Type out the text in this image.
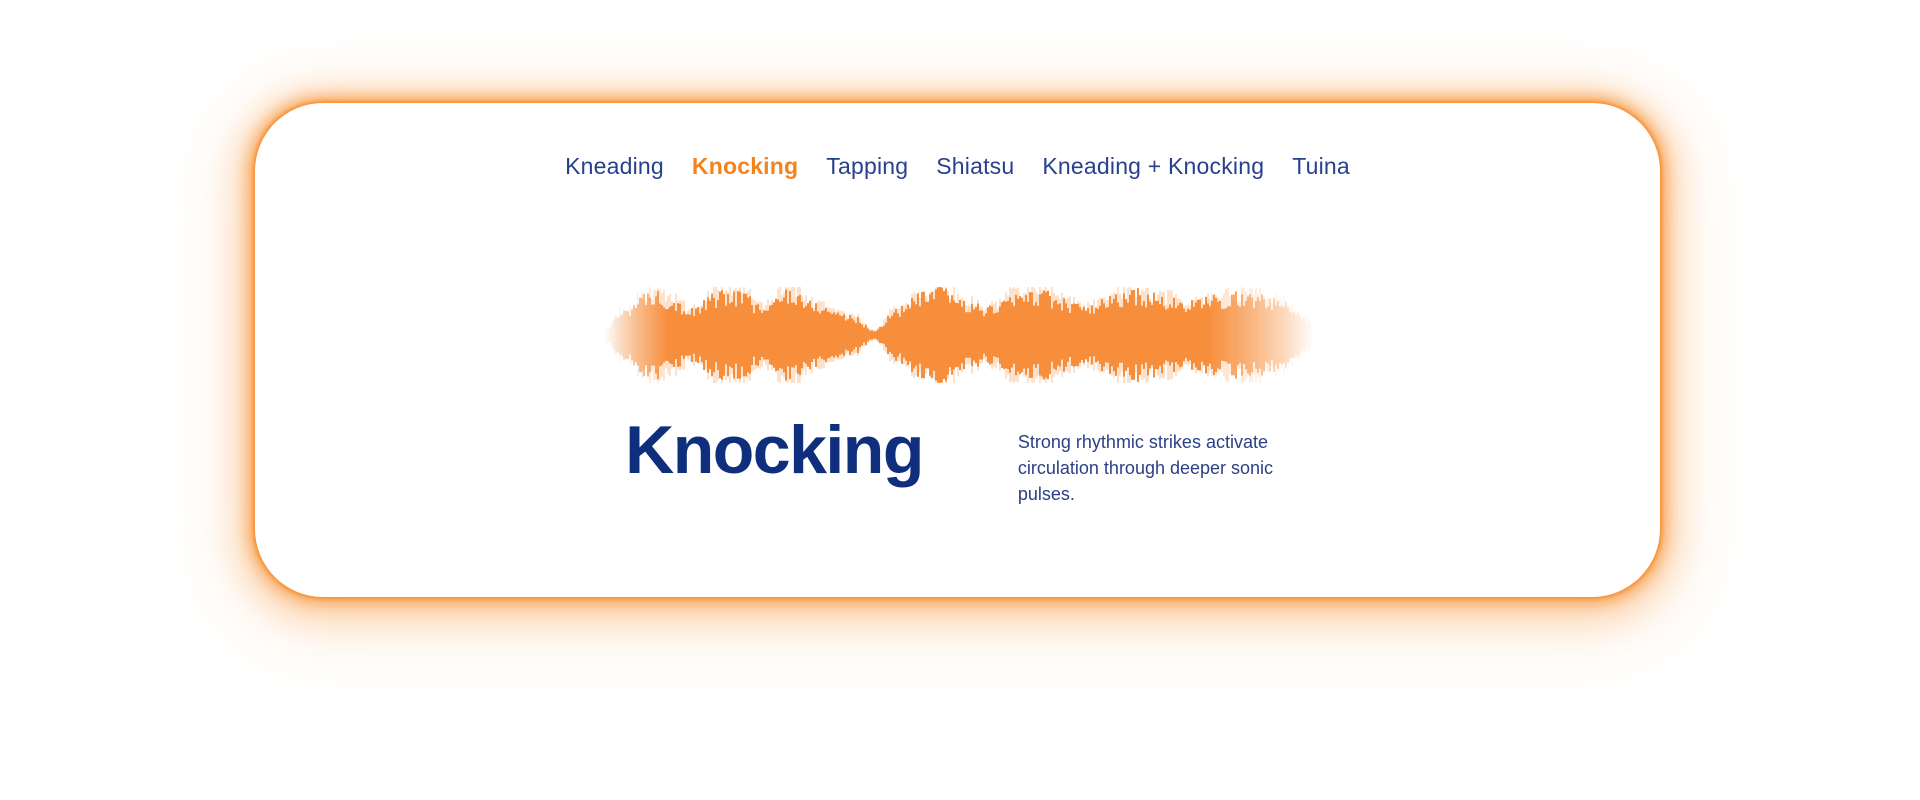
Kneading Knocking Tapping Shiatsu Kneading + Knocking Tuina
Knocking	Strong rhythmic strikes activate
circulation through deeper sonic
pulses.
